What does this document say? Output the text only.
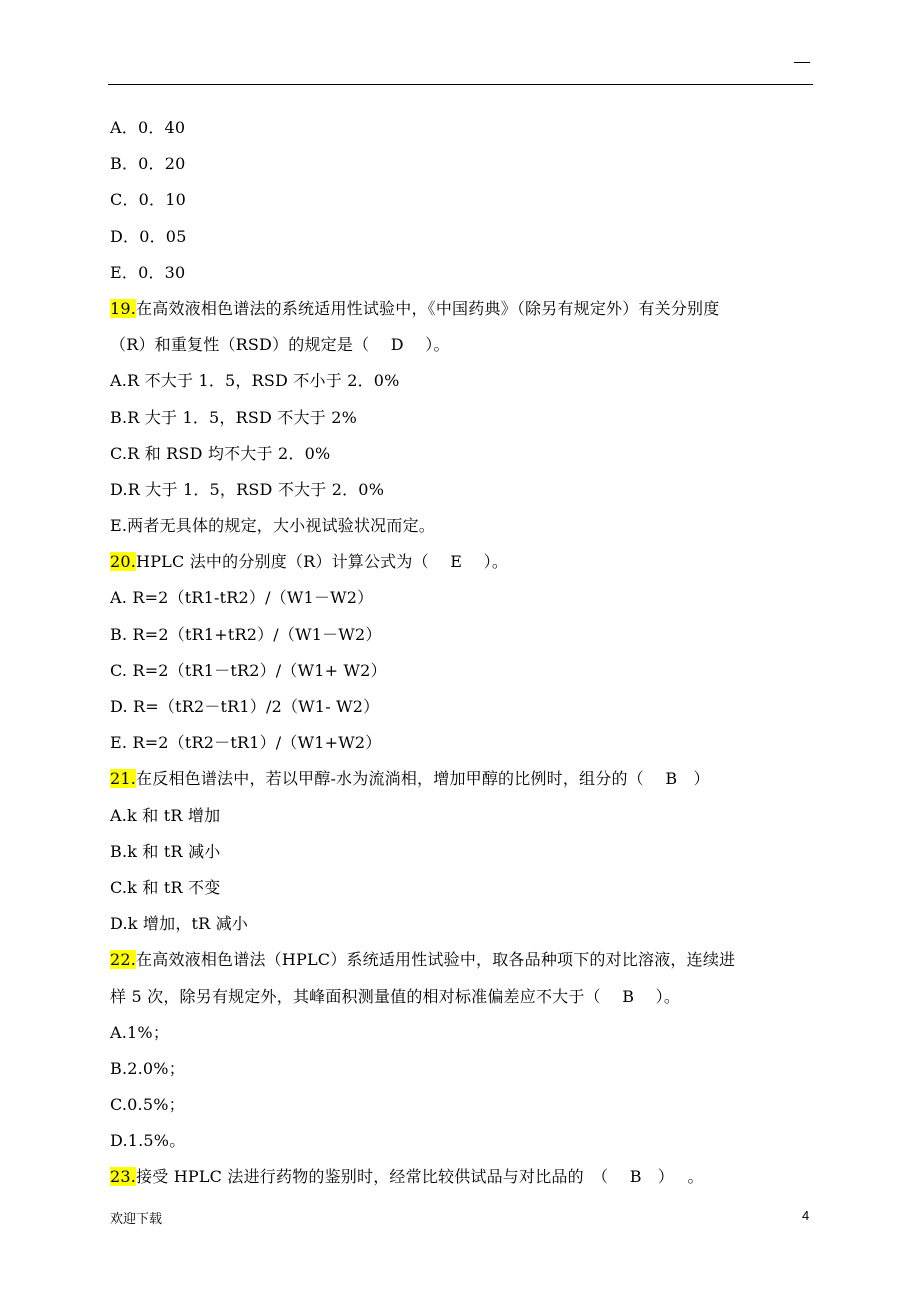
A．0．40
B．0．20
C．0．10
D．0．05
E．0．30
19.在高效液相色谱法的系统适用性试验中，《中国药典》（除另有规定外）有关分别度
（R）和重复性（RSD）的规定是（　 D　 ）。
A.R 不大于 1．5，RSD 不小于 2．0%
B.R 大于 1．5，RSD 不大于 2%
C.R 和 RSD 均不大于 2．0%
D.R 大于 1．5，RSD 不大于 2．0%
E.两者无具体的规定，大小视试验状况而定。
20.HPLC 法中的分别度（R）计算公式为（　 E　 ）。
A. R=2（tR1-tR2）/（W1－W2）
B. R=2（tR1+tR2）/（W1－W2）
C. R=2（tR1－tR2）/（W1+ W2）
D. R=（tR2－tR1）/2（W1- W2）
E. R=2（tR2－tR1）/（W1+W2）
21.在反相色谱法中，若以甲醇-水为流淌相，增加甲醇的比例时，组分的（　 B　）
A.k 和 tR 增加
B.k 和 tR 减小
C.k 和 tR 不变
D.k 增加，tR 减小
22.在高效液相色谱法（HPLC）系统适用性试验中，取各品种项下的对比溶液，连续进
样 5 次，除另有规定外，其峰面积测量值的相对标准偏差应不大于（　 B　 ）。
A.1%；
B.2.0%；
C.0.5%；
D.1.5%。
23.接受 HPLC 法进行药物的鉴别时，经常比较供试品与对比品的　（　 B　）　 。
欢迎下载	4
